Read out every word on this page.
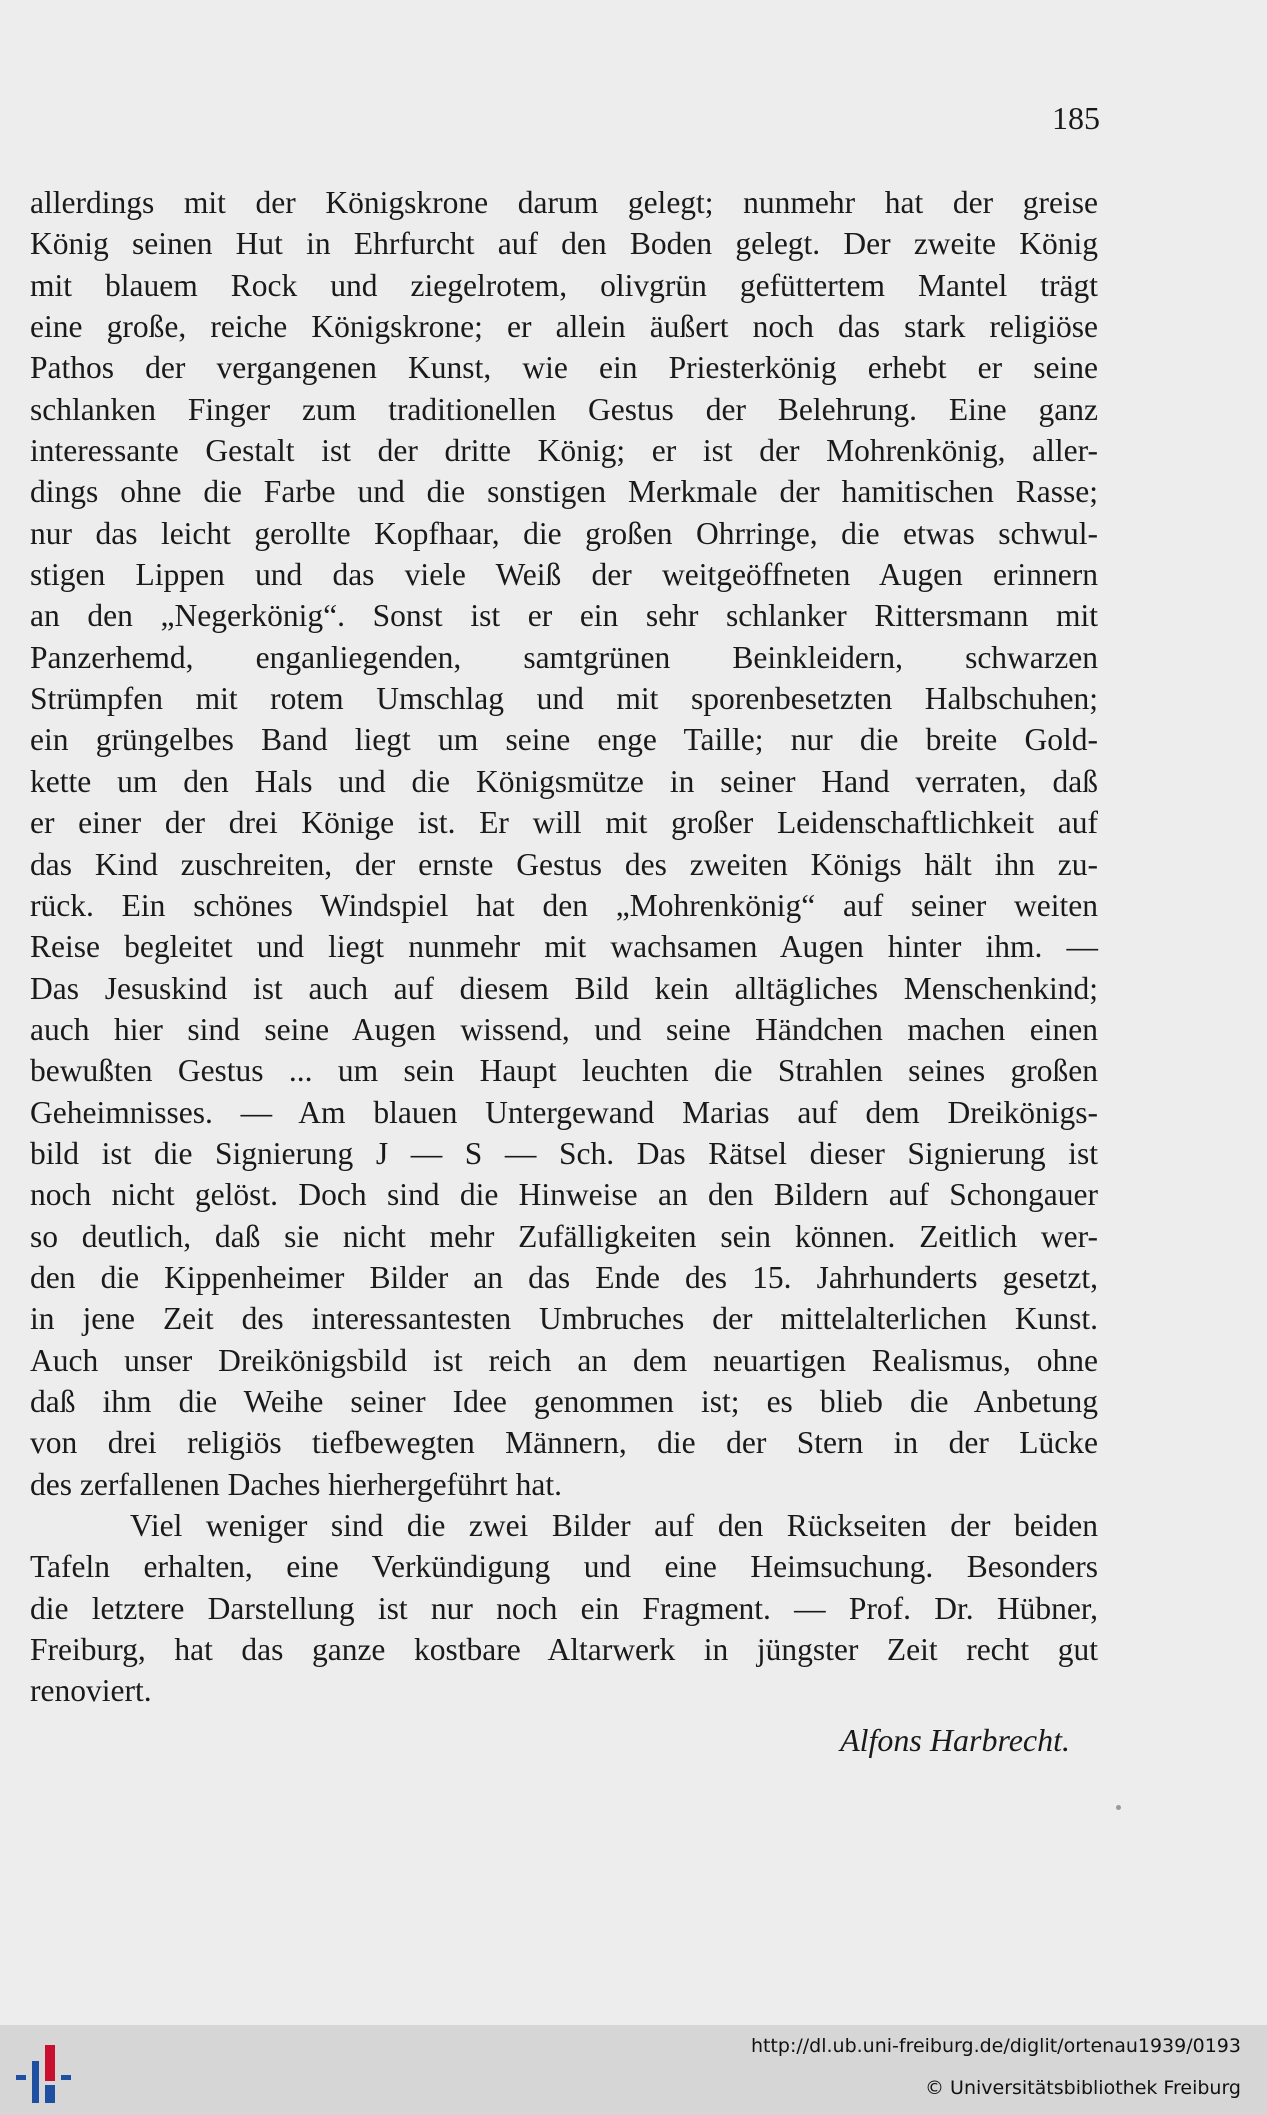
185
allerdings mit der Königskrone darum gelegt; nunmehr hat der greise
König seinen Hut in Ehrfurcht auf den Boden gelegt. Der zweite König
mit blauem Rock und ziegelrotem, olivgrün gefüttertem Mantel trägt
eine große, reiche Königskrone; er allein äußert noch das stark religiöse
Pathos der vergangenen Kunst, wie ein Priesterkönig erhebt er seine
schlanken Finger zum traditionellen Gestus der Belehrung. Eine ganz
interessante Gestalt ist der dritte König; er ist der Mohrenkönig, aller-
dings ohne die Farbe und die sonstigen Merkmale der hamitischen Rasse;
nur das leicht gerollte Kopfhaar, die großen Ohrringe, die etwas schwul-
stigen Lippen und das viele Weiß der weitgeöffneten Augen erinnern
an den „Negerkönig“. Sonst ist er ein sehr schlanker Rittersmann mit
Panzerhemd, enganliegenden, samtgrünen Beinkleidern, schwarzen
Strümpfen mit rotem Umschlag und mit sporenbesetzten Halbschuhen;
ein grüngelbes Band liegt um seine enge Taille; nur die breite Gold-
kette um den Hals und die Königsmütze in seiner Hand verraten, daß
er einer der drei Könige ist. Er will mit großer Leidenschaftlichkeit auf
das Kind zuschreiten, der ernste Gestus des zweiten Königs hält ihn zu-
rück. Ein schönes Windspiel hat den „Mohrenkönig“ auf seiner weiten
Reise begleitet und liegt nunmehr mit wachsamen Augen hinter ihm. —
Das Jesuskind ist auch auf diesem Bild kein alltägliches Menschenkind;
auch hier sind seine Augen wissend, und seine Händchen machen einen
bewußten Gestus ... um sein Haupt leuchten die Strahlen seines großen
Geheimnisses. — Am blauen Untergewand Marias auf dem Dreikönigs-
bild ist die Signierung J — S — Sch. Das Rätsel dieser Signierung ist
noch nicht gelöst. Doch sind die Hinweise an den Bildern auf Schongauer
so deutlich, daß sie nicht mehr Zufälligkeiten sein können. Zeitlich wer-
den die Kippenheimer Bilder an das Ende des 15. Jahrhunderts gesetzt,
in jene Zeit des interessantesten Umbruches der mittelalterlichen Kunst.
Auch unser Dreikönigsbild ist reich an dem neuartigen Realismus, ohne
daß ihm die Weihe seiner Idee genommen ist; es blieb die Anbetung
von drei religiös tiefbewegten Männern, die der Stern in der Lücke
des zerfallenen Daches hierhergeführt hat.
Viel weniger sind die zwei Bilder auf den Rückseiten der beiden
Tafeln erhalten, eine Verkündigung und eine Heimsuchung. Besonders
die letztere Darstellung ist nur noch ein Fragment. — Prof. Dr. Hübner,
Freiburg, hat das ganze kostbare Altarwerk in jüngster Zeit recht gut
renoviert.
Alfons Harbrecht.
http://dl.ub.uni-freiburg.de/diglit/ortenau1939/0193
© Universitätsbibliothek Freiburg
